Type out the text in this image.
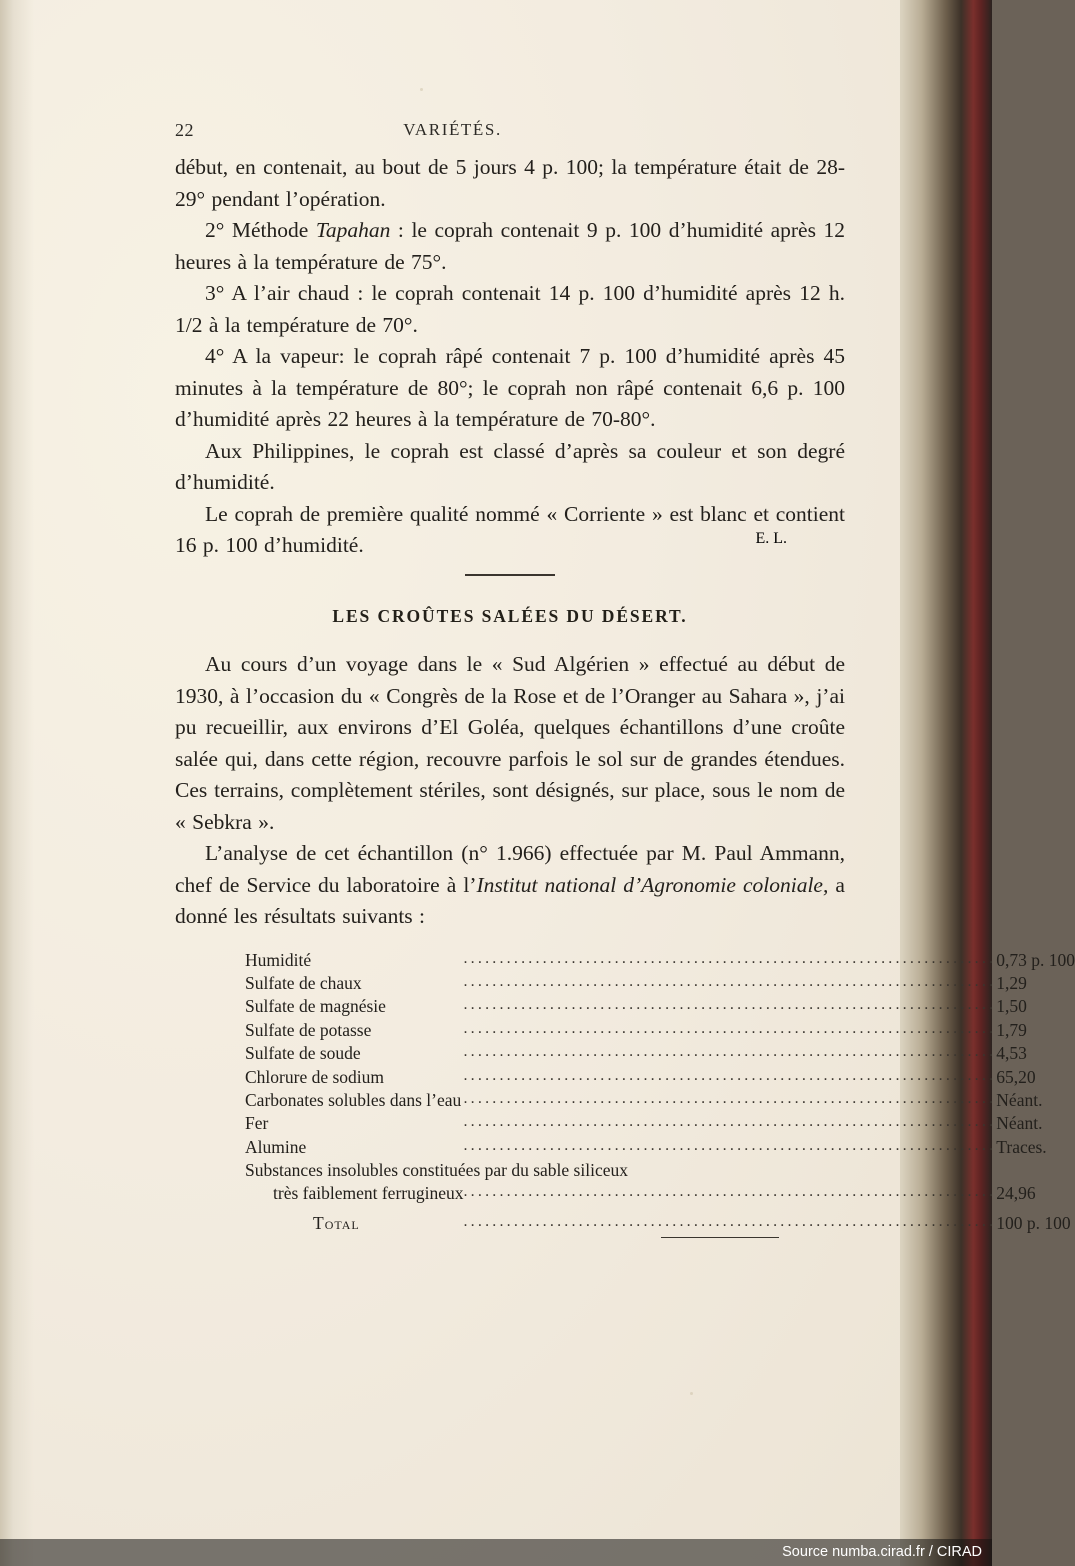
22	VARIÉTÉS.

début, en contenait, au bout de 5 jours 4 p. 100; la température était de 28-29° pendant l’opération.

2° Méthode Tapahan : le coprah contenait 9 p. 100 d’humidité après 12 heures à la température de 75°.

3° A l’air chaud : le coprah contenait 14 p. 100 d’humidité après 12 h. 1/2 à la température de 70°.

4° A la vapeur: le coprah râpé contenait 7 p. 100 d’humidité après 45 minutes à la température de 80°; le coprah non râpé contenait 6,6 p. 100 d’humidité après 22 heures à la température de 70-80°.

Aux Philippines, le coprah est classé d’après sa couleur et son degré d’humidité.

Le coprah de première qualité nommé « Corriente » est blanc et contient 16 p. 100 d’humidité.	E. L.
LES CROÛTES SALÉES DU DÉSERT.

Au cours d’un voyage dans le « Sud Algérien » effectué au début de 1930, à l’occasion du « Congrès de la Rose et de l’Oranger au Sahara », j’ai pu recueillir, aux environs d’El Goléa, quelques échantillons d’une croûte salée qui, dans cette région, recouvre parfois le sol sur de grandes étendues. Ces terrains, complètement stériles, sont désignés, sur place, sous le nom de « Sebkra ».

L’analyse de cet échantillon (n° 1.966) effectuée par M. Paul Ammann, chef de Service du laboratoire à l’Institut national d’Agronomie coloniale, a donné les résultats suivants :

Humidité	..........................................................................	0,73 p. 100
Sulfate de chaux	..........................................................................	1,29
Sulfate de magnésie	..........................................................................	1,50
Sulfate de potasse	..........................................................................	1,79
Sulfate de soude	..........................................................................	4,53
Chlorure de sodium	..........................................................................	65,20
Carbonates solubles dans l’eau	..........................................................................	Néant.
Fer	..........................................................................	Néant.
Alumine	..........................................................................	Traces.
Substances insolubles constituées par du sable siliceux		
très faiblement ferrugineux	..........................................................................	24,96
Total	..........................................................................	100 p. 100
Source numba.cirad.fr / CIRAD
